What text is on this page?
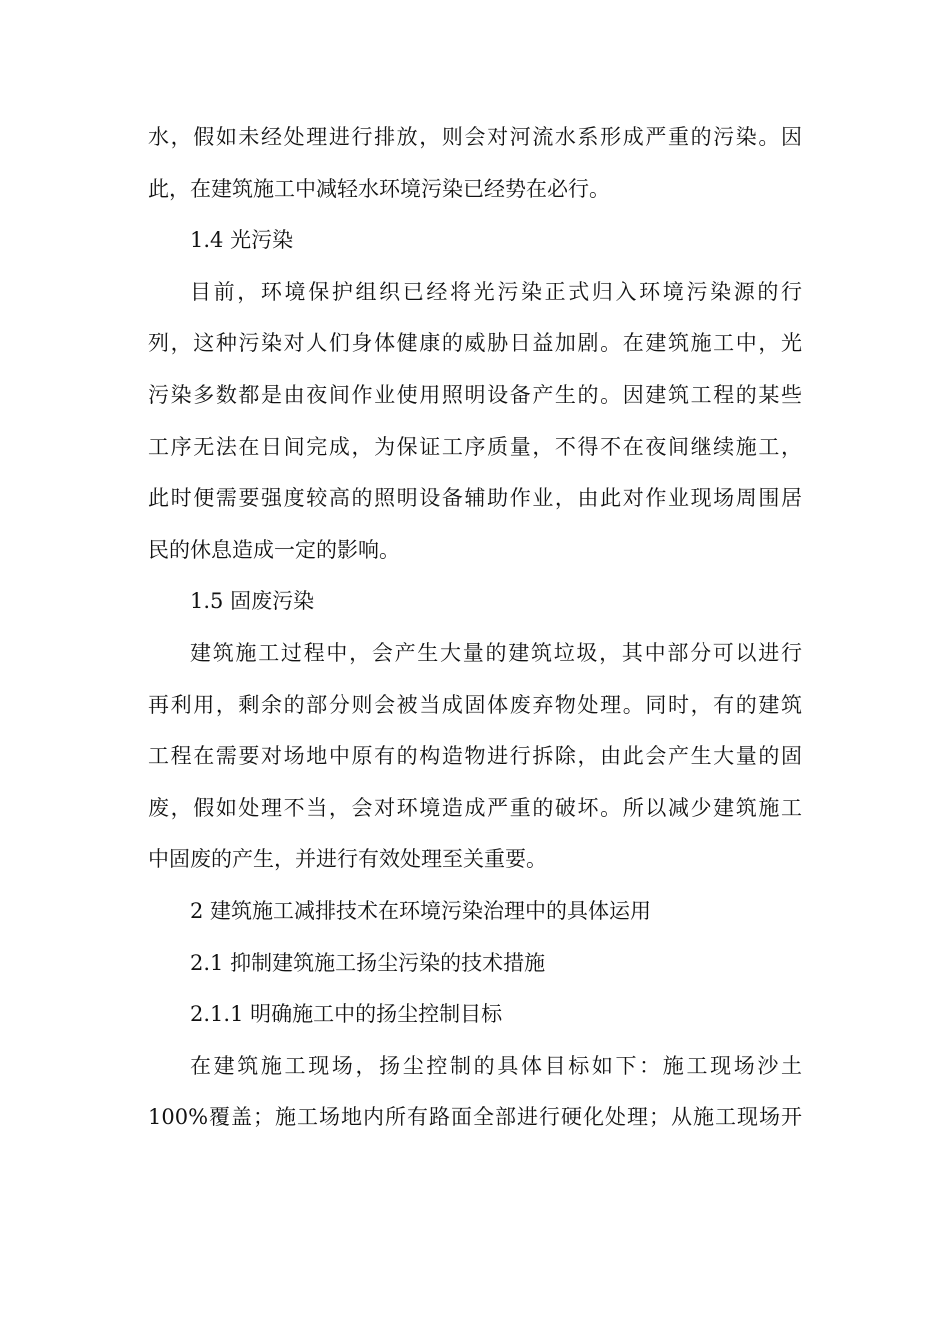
水，假如未经处理进行排放，则会对河流水系形成严重的污染。因
此，在建筑施工中减轻水环境污染已经势在必行。
1.4 光污染
目前，环境保护组织已经将光污染正式归入环境污染源的行
列，这种污染对人们身体健康的威胁日益加剧。在建筑施工中，光
污染多数都是由夜间作业使用照明设备产生的。因建筑工程的某些
工序无法在日间完成，为保证工序质量，不得不在夜间继续施工，
此时便需要强度较高的照明设备辅助作业，由此对作业现场周围居
民的休息造成一定的影响。
1.5 固废污染
建筑施工过程中，会产生大量的建筑垃圾，其中部分可以进行
再利用，剩余的部分则会被当成固体废弃物处理。同时，有的建筑
工程在需要对场地中原有的构造物进行拆除，由此会产生大量的固
废，假如处理不当，会对环境造成严重的破坏。所以减少建筑施工
中固废的产生，并进行有效处理至关重要。
2 建筑施工减排技术在环境污染治理中的具体运用
2.1 抑制建筑施工扬尘污染的技术措施
2.1.1 明确施工中的扬尘控制目标
在建筑施工现场，扬尘控制的具体目标如下：施工现场沙土
100%覆盖；施工场地内所有路面全部进行硬化处理；从施工现场开
